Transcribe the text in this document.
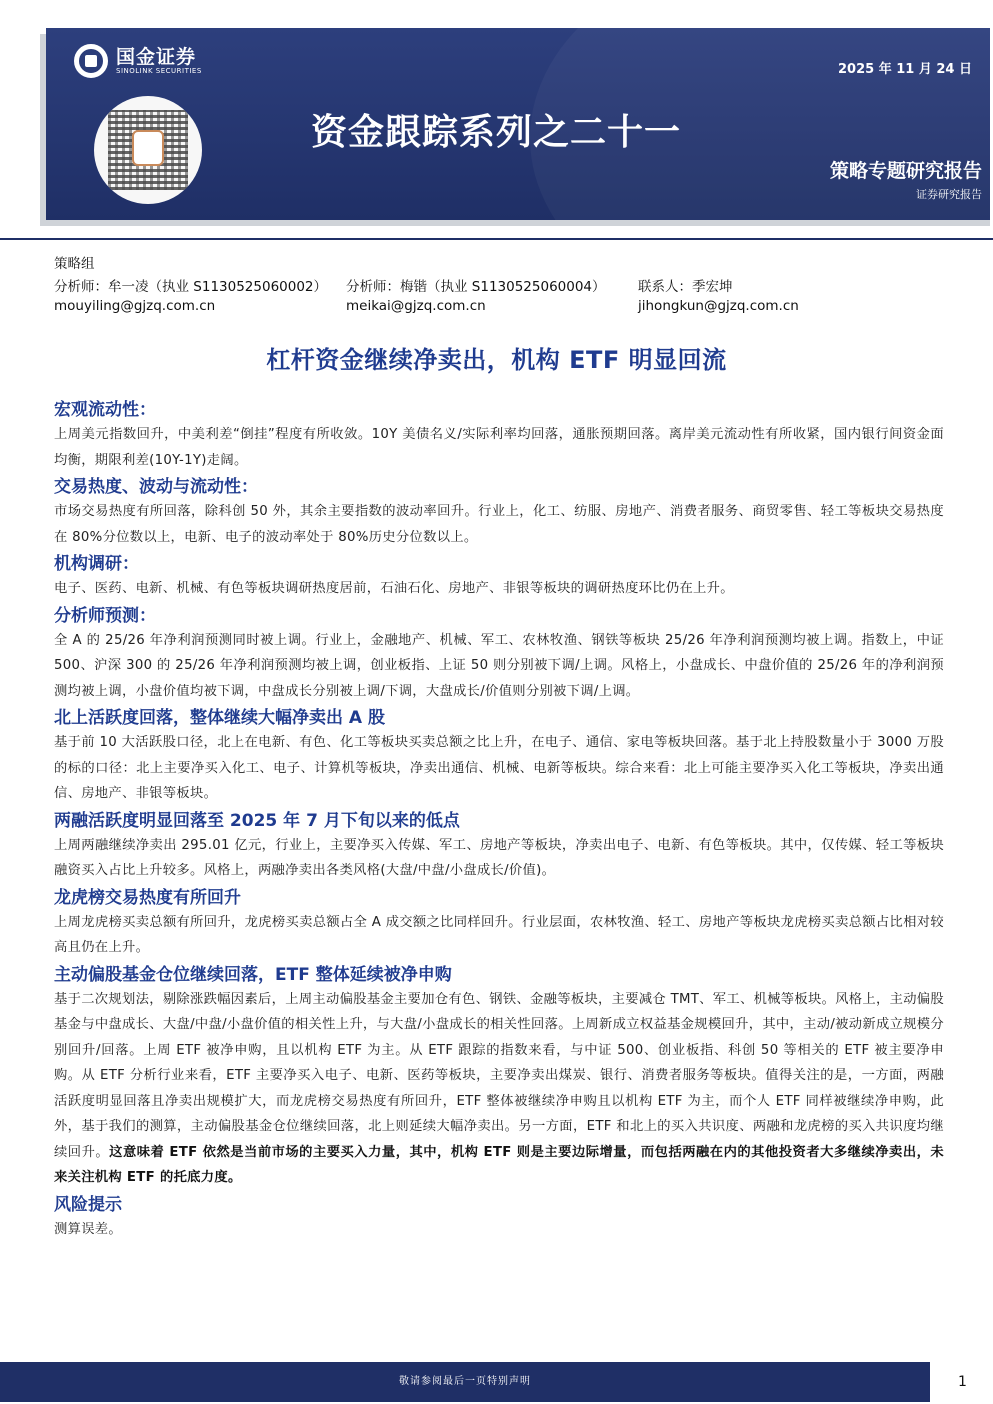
国金证券
SINOLINK SECURITIES	2025 年 11 月 24 日
资金跟踪系列之二十一
策略专题研究报告
证券研究报告
策略组
分析师：牟一凌（执业 S1130525060002）	分析师：梅锴（执业 S1130525060004）	联系人：季宏坤
mouyiling@gjzq.com.cn	meikai@gjzq.com.cn	jihongkun@gjzq.com.cn
杠杆资金继续净卖出，机构 ETF 明显回流
宏观流动性：
上周美元指数回升，中美利差“倒挂”程度有所收敛。10Y 美债名义/实际利率均回落，通胀预期回落。离岸美元流动性有所收紧，国内银行间资金面均衡，期限利差(10Y-1Y)走阔。
交易热度、波动与流动性：
市场交易热度有所回落，除科创 50 外，其余主要指数的波动率回升。行业上，化工、纺服、房地产、消费者服务、商贸零售、轻工等板块交易热度在 80%分位数以上，电新、电子的波动率处于 80%历史分位数以上。
机构调研：
电子、医药、电新、机械、有色等板块调研热度居前，石油石化、房地产、非银等板块的调研热度环比仍在上升。
分析师预测：
全 A 的 25/26 年净利润预测同时被上调。行业上，金融地产、机械、军工、农林牧渔、钢铁等板块 25/26 年净利润预测均被上调。指数上，中证 500、沪深 300 的 25/26 年净利润预测均被上调，创业板指、上证 50 则分别被下调/上调。风格上，小盘成长、中盘价值的 25/26 年的净利润预测均被上调，小盘价值均被下调，中盘成长分别被上调/下调，大盘成长/价值则分别被下调/上调。
北上活跃度回落，整体继续大幅净卖出 A 股
基于前 10 大活跃股口径，北上在电新、有色、化工等板块买卖总额之比上升，在电子、通信、家电等板块回落。基于北上持股数量小于 3000 万股的标的口径：北上主要净买入化工、电子、计算机等板块，净卖出通信、机械、电新等板块。综合来看：北上可能主要净买入化工等板块，净卖出通信、房地产、非银等板块。
两融活跃度明显回落至 2025 年 7 月下旬以来的低点
上周两融继续净卖出 295.01 亿元，行业上，主要净买入传媒、军工、房地产等板块，净卖出电子、电新、有色等板块。其中，仅传媒、轻工等板块融资买入占比上升较多。风格上，两融净卖出各类风格(大盘/中盘/小盘成长/价值)。
龙虎榜交易热度有所回升
上周龙虎榜买卖总额有所回升，龙虎榜买卖总额占全 A 成交额之比同样回升。行业层面，农林牧渔、轻工、房地产等板块龙虎榜买卖总额占比相对较高且仍在上升。
主动偏股基金仓位继续回落，ETF 整体延续被净申购
基于二次规划法，剔除涨跌幅因素后，上周主动偏股基金主要加仓有色、钢铁、金融等板块，主要减仓 TMT、军工、机械等板块。风格上，主动偏股基金与中盘成长、大盘/中盘/小盘价值的相关性上升，与大盘/小盘成长的相关性回落。上周新成立权益基金规模回升，其中，主动/被动新成立规模分别回升/回落。上周 ETF 被净申购，且以机构 ETF 为主。从 ETF 跟踪的指数来看，与中证 500、创业板指、科创 50 等相关的 ETF 被主要净申购。从 ETF 分析行业来看，ETF 主要净买入电子、电新、医药等板块，主要净卖出煤炭、银行、消费者服务等板块。值得关注的是，一方面，两融活跃度明显回落且净卖出规模扩大，而龙虎榜交易热度有所回升，ETF 整体被继续净申购且以机构 ETF 为主，而个人 ETF 同样被继续净申购，此外，基于我们的测算，主动偏股基金仓位继续回落，北上则延续大幅净卖出。另一方面，ETF 和北上的买入共识度、两融和龙虎榜的买入共识度均继续回升。这意味着 ETF 依然是当前市场的主要买入力量，其中，机构 ETF 则是主要边际增量，而包括两融在内的其他投资者大多继续净卖出，未来关注机构 ETF 的托底力度。
风险提示
测算误差。
敬请参阅最后一页特别声明	1
